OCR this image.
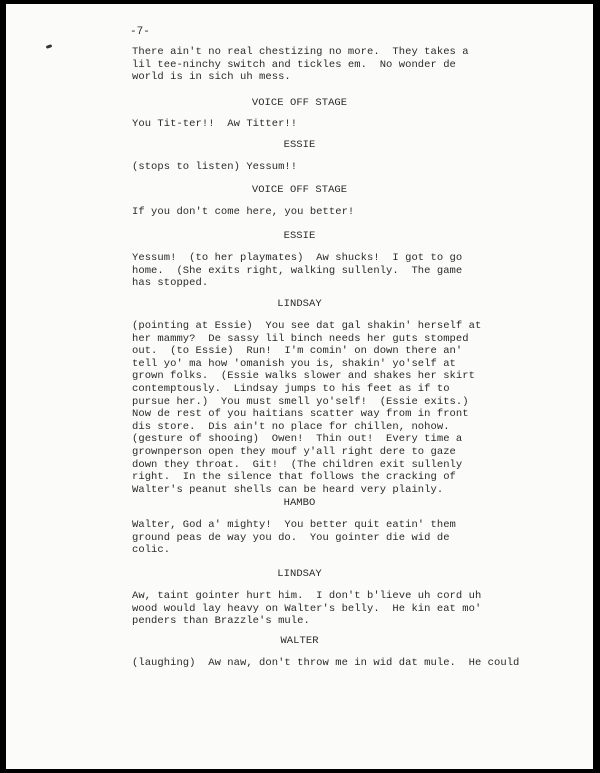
-7-

There ain't no real chestizing no more.  They takes a
lil tee-ninchy switch and tickles em.  No wonder de
world is in sich uh mess.

VOICE OFF STAGE

You Tit-ter!!  Aw Titter!!

ESSIE

(stops to listen) Yessum!!

VOICE OFF STAGE

If you don't come here, you better!

ESSIE

Yessum!  (to her playmates)  Aw shucks!  I got to go
home.  (She exits right, walking sullenly.  The game
has stopped.

LINDSAY

(pointing at Essie)  You see dat gal shakin' herself at
her mammy?  De sassy lil binch needs her guts stomped
out.  (to Essie)  Run!  I'm comin' on down there an'
tell yo' ma how 'omanish you is, shakin' yo'self at
grown folks.  (Essie walks slower and shakes her skirt
contemptously.  Lindsay jumps to his feet as if to
pursue her.)  You must smell yo'self!  (Essie exits.)
Now de rest of you haitians scatter way from in front
dis store.  Dis ain't no place for chillen, nohow.
(gesture of shooing)  Owen!  Thin out!  Every time a
grownperson open they mouf y'all right dere to gaze
down they throat.  Git!  (The children exit sullenly
right.  In the silence that follows the cracking of
Walter's peanut shells can be heard very plainly.

HAMBO

Walter, God a' mighty!  You better quit eatin' them
ground peas de way you do.  You gointer die wid de
colic.

LINDSAY

Aw, taint gointer hurt him.  I don't b'lieve uh cord uh
wood would lay heavy on Walter's belly.  He kin eat mo'
penders than Brazzle's mule.

WALTER

(laughing)  Aw naw, don't throw me in wid dat mule.  He could
